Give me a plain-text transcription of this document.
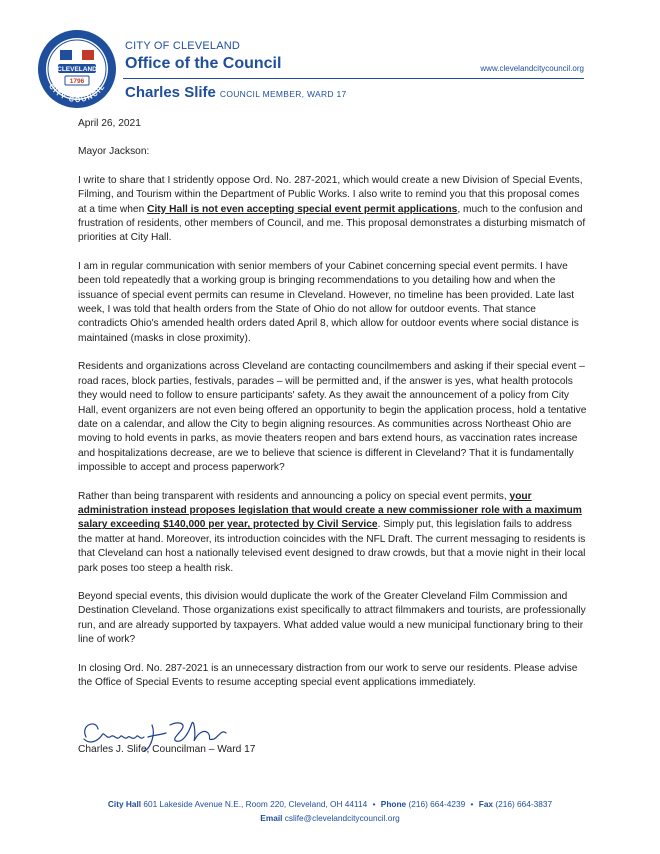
CITY COUNCIL
CLEVELAND
1796
CITY OF CLEVELAND
Office of the Council	www.clevelandcitycouncil.org
Charles Slife COUNCIL MEMBER, WARD 17

April 26, 2021

Mayor Jackson:

I write to share that I stridently oppose Ord. No. 287-2021, which would create a new Division of Special Events, Filming, and Tourism within the Department of Public Works. I also write to remind you that this proposal comes at a time when City Hall is not even accepting special event permit applications, much to the confusion and frustration of residents, other members of Council, and me. This proposal demonstrates a disturbing mismatch of priorities at City Hall.

I am in regular communication with senior members of your Cabinet concerning special event permits. I have been told repeatedly that a working group is bringing recommendations to you detailing how and when the issuance of special event permits can resume in Cleveland. However, no timeline has been provided. Late last week, I was told that health orders from the State of Ohio do not allow for outdoor events. That stance contradicts Ohio's amended health orders dated April 8, which allow for outdoor events where social distance is maintained (masks in close proximity).

Residents and organizations across Cleveland are contacting councilmembers and asking if their special event – road races, block parties, festivals, parades – will be permitted and, if the answer is yes, what health protocols they would need to follow to ensure participants' safety. As they await the announcement of a policy from City Hall, event organizers are not even being offered an opportunity to begin the application process, hold a tentative date on a calendar, and allow the City to begin aligning resources. As communities across Northeast Ohio are moving to hold events in parks, as movie theaters reopen and bars extend hours, as vaccination rates increase and hospitalizations decrease, are we to believe that science is different in Cleveland? That it is fundamentally impossible to accept and process paperwork?

Rather than being transparent with residents and announcing a policy on special event permits, your administration instead proposes legislation that would create a new commissioner role with a maximum salary exceeding $140,000 per year, protected by Civil Service. Simply put, this legislation fails to address the matter at hand. Moreover, its introduction coincides with the NFL Draft. The current messaging to residents is that Cleveland can host a nationally televised event designed to draw crowds, but that a movie night in their local park poses too steep a health risk.

Beyond special events, this division would duplicate the work of the Greater Cleveland Film Commission and Destination Cleveland. Those organizations exist specifically to attract filmmakers and tourists, are professionally run, and are already supported by taxpayers. What added value would a new municipal functionary bring to their line of work?

In closing Ord. No. 287-2021 is an unnecessary distraction from our work to serve our residents. Please advise the Office of Special Events to resume accepting special event applications immediately.

Charles J. Slife, Councilman – Ward 17
City Hall 601 Lakeside Avenue N.E., Room 220, Cleveland, OH 44114 • Phone (216) 664-4239 • Fax (216) 664-3837
Email cslife@clevelandcitycouncil.org
